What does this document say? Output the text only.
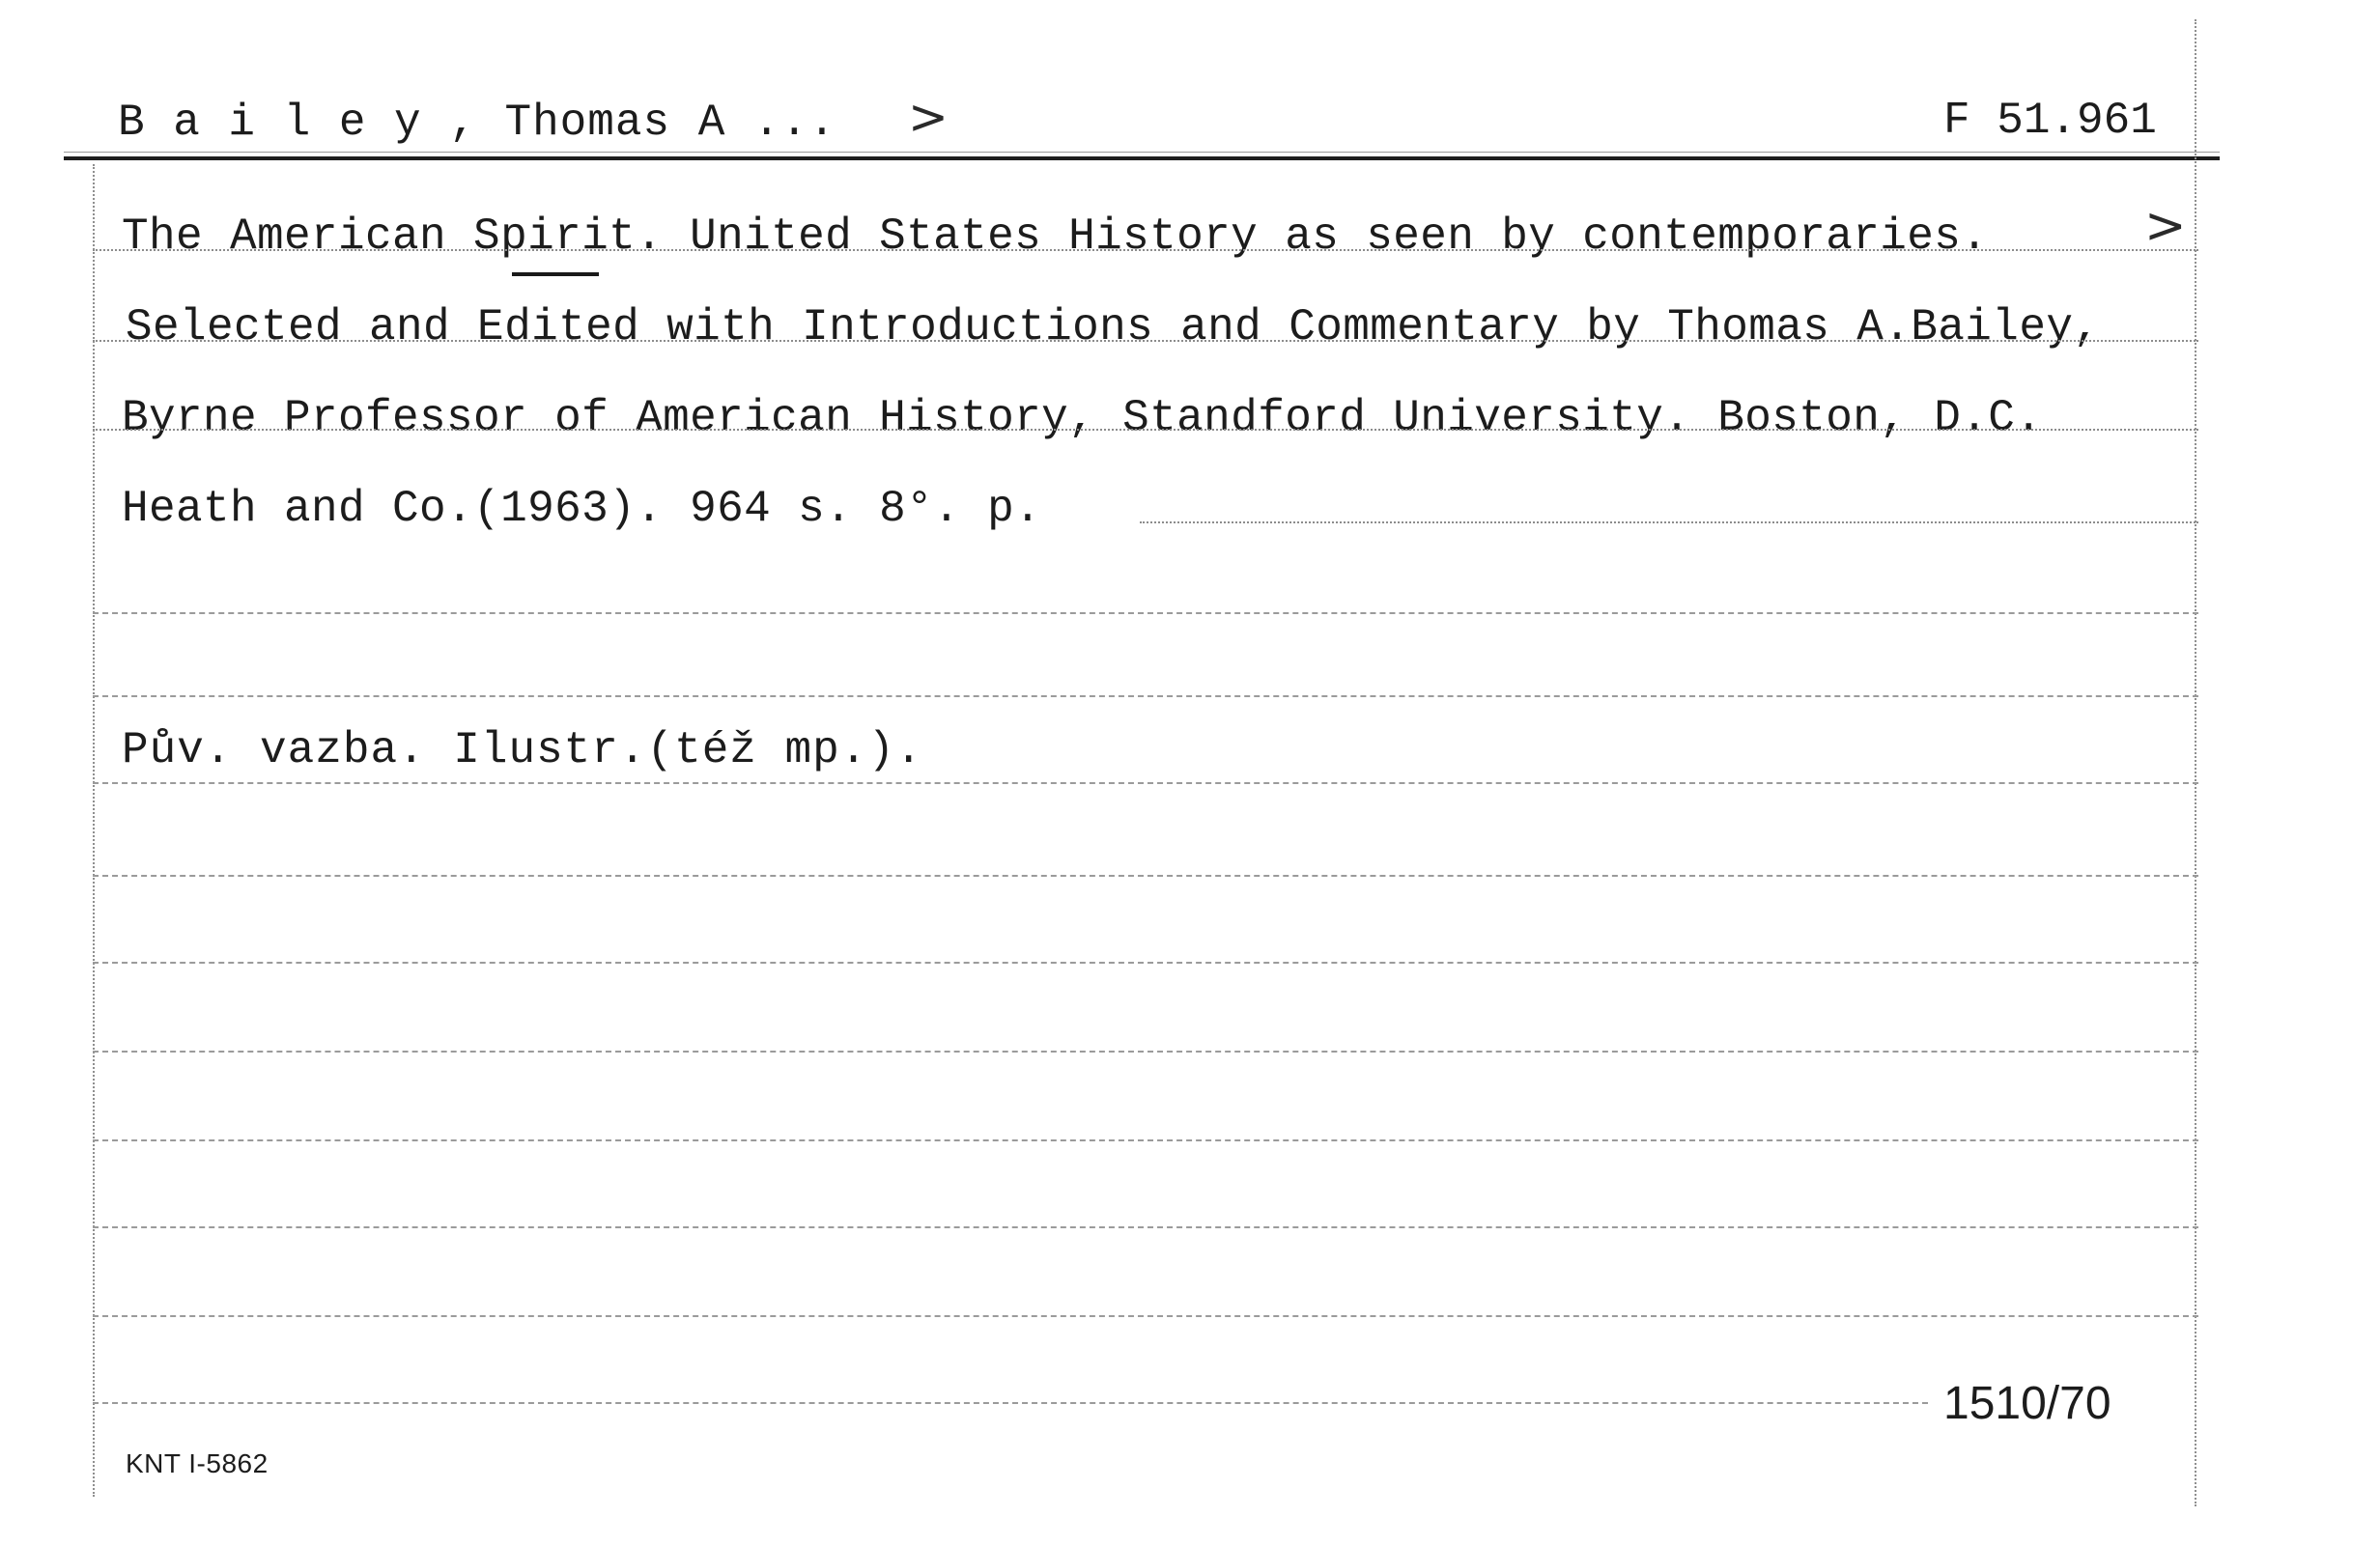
B a i l e y , Thomas A ... >	F 51.961
The American Spirit. United States History as seen by contemporaries.	>
Selected and Edited with Introductions and Commentary by Thomas A.Bailey,
Byrne Professor of American History, Standford University. Boston, D.C.
Heath and Co.(1963). 964 s. 8°. p.
Pův. vazba. Ilustr.(též mp.).
1510/70
KNT I-5862
